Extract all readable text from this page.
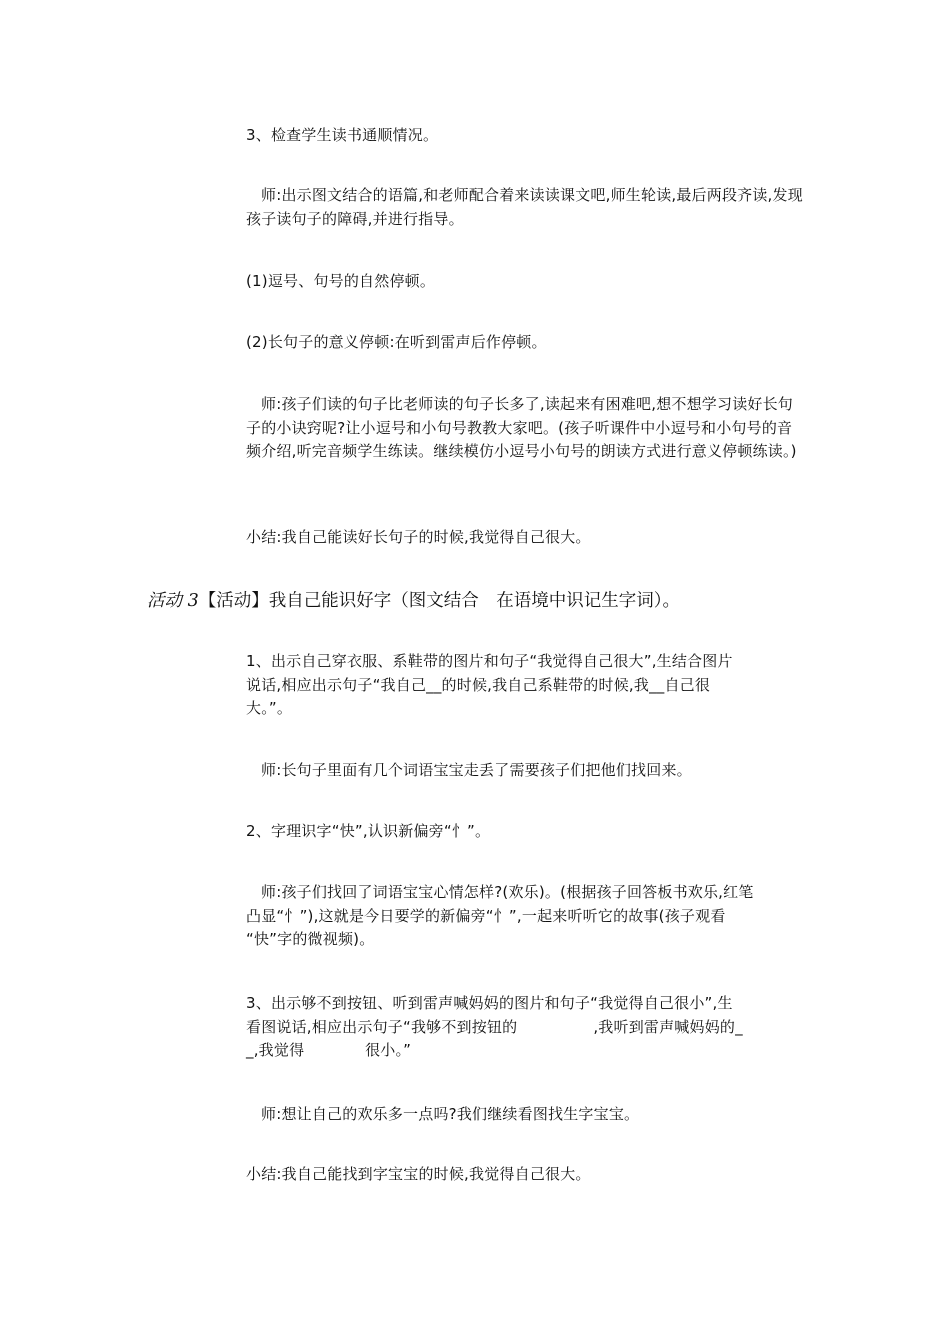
3、检查学生读书通顺情况。

师:出示图文结合的语篇,和老师配合着来读读课文吧,师生轮读,最后两段齐读,发现孩子读句子的障碍,并进行指导。

(1)逗号、句号的自然停顿。

(2)长句子的意义停顿:在听到雷声后作停顿。

师:孩子们读的句子比老师读的句子长多了,读起来有困难吧,想不想学习读好长句子的小诀窍呢?让小逗号和小句号教教大家吧。(孩子听课件中小逗号和小句号的音频介绍,听完音频学生练读。继续模仿小逗号小句号的朗读方式进行意义停顿练读。)

小结:我自己能读好长句子的时候,我觉得自己很大。

活动 3【活动】我自己能识好字（图文结合　在语境中识记生字词）。

1、出示自己穿衣服、系鞋带的图片和句子“我觉得自己很大”,生结合图片
说话,相应出示句子“我自己__的时候,我自己系鞋带的时候,我__自己很
大。”。

师:长句子里面有几个词语宝宝走丢了需要孩子们把他们找回来。

2、字理识字“快”,认识新偏旁“忄”。

师:孩子们找回了词语宝宝心情怎样?(欢乐)。(根据孩子回答板书欢乐,红笔
凸显“忄”),这就是今日要学的新偏旁“忄”,一起来听听它的故事(孩子观看
“快”字的微视频)。
3、出示够不到按钮、听到雷声喊妈妈的图片和句子“我觉得自己很小”,生
看图说话,相应出示句子“我够不到按钮的　　　　　,我听到雷声喊妈妈的_
_,我觉得　　　　很小。”

师:想让自己的欢乐多一点吗?我们继续看图找生字宝宝。

小结:我自己能找到字宝宝的时候,我觉得自己很大。
